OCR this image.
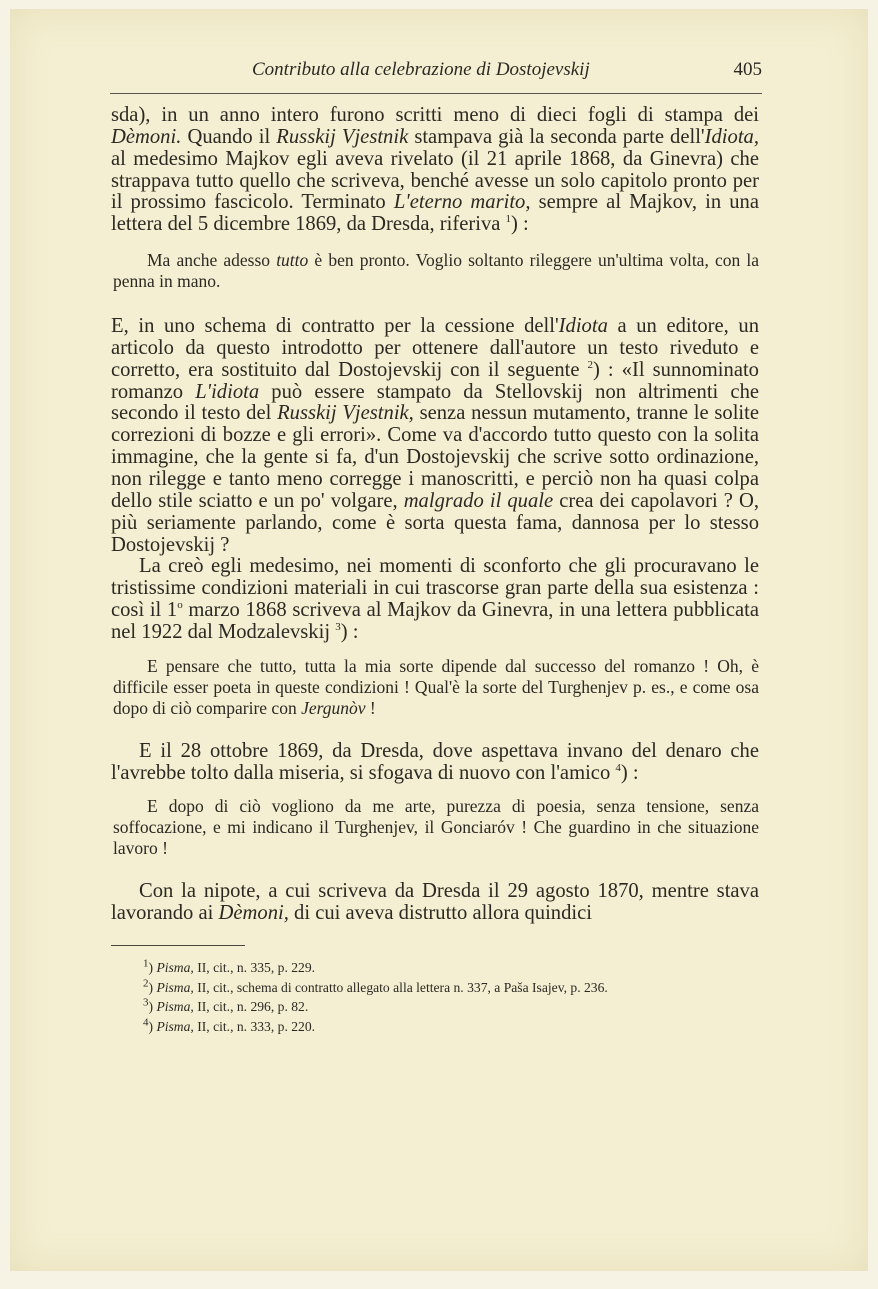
Contributo alla celebrazione di Dostojevskij	405

sda), in un anno intero furono scritti meno di dieci fogli di stampa dei Dèmoni. Quando il Russkij Vjestnik stampava già la seconda parte dell'Idiota, al medesimo Majkov egli aveva rivelato (il 21 aprile 1868, da Ginevra) che strappava tutto quello che scriveva, benché avesse un solo capitolo pronto per il prossimo fascicolo. Terminato L'eterno marito, sempre al Majkov, in una lettera del 5 dicembre 1869, da Dresda, riferiva $^1$) :

Ma anche adesso tutto è ben pronto. Voglio soltanto rileggere un'ultima volta, con la penna in mano.

E, in uno schema di contratto per la cessione dell'Idiota a un editore, un articolo da questo introdotto per ottenere dall'autore un testo riveduto e corretto, era sostituito dal Dostojevskij con il seguente $^2$) : «Il sunnominato romanzo L'idiota può essere stampato da Stellovskij non altrimenti che secondo il testo del Russkij Vjestnik, senza nessun mutamento, tranne le solite correzioni di bozze e gli errori». Come va d'accordo tutto questo con la solita immagine, che la gente si fa, d'un Dostojevskij che scrive sotto ordinazione, non rilegge e tanto meno corregge i manoscritti, e perciò non ha quasi colpa dello stile sciatto e un po' volgare, malgrado il quale crea dei capolavori ? O, più seriamente parlando, come è sorta questa fama, dannosa per lo stesso Dostojevskij ?

La creò egli medesimo, nei momenti di sconforto che gli procuravano le tristissime condizioni materiali in cui trascorse gran parte della sua esistenza : così il 1$^o$ marzo 1868 scriveva al Majkov da Ginevra, in una lettera pubblicata nel 1922 dal Modzalevskij $^3$) :

E pensare che tutto, tutta la mia sorte dipende dal successo del romanzo ! Oh, è difficile esser poeta in queste condizioni ! Qual'è la sorte del Turghenjev p. es., e come osa dopo di ciò comparire con Jergunòv !

E il 28 ottobre 1869, da Dresda, dove aspettava invano del denaro che l'avrebbe tolto dalla miseria, si sfogava di nuovo con l'amico $^4$) :

E dopo di ciò vogliono da me arte, purezza di poesia, senza tensione, senza soffocazione, e mi indicano il Turghenjev, il Gonciaróv ! Che guardino in che situazione lavoro !

Con la nipote, a cui scriveva da Dresda il 29 agosto 1870, mentre stava lavorando ai Dèmoni, di cui aveva distrutto allora quindici

$^1$) Pisma, II, cit., n. 335, p. 229.

$^2$) Pisma, II, cit., schema di contratto allegato alla lettera n. 337, a Paša Isajev, p. 236.

$^3$) Pisma, II, cit., n. 296, p. 82.

$^4$) Pisma, II, cit., n. 333, p. 220.
